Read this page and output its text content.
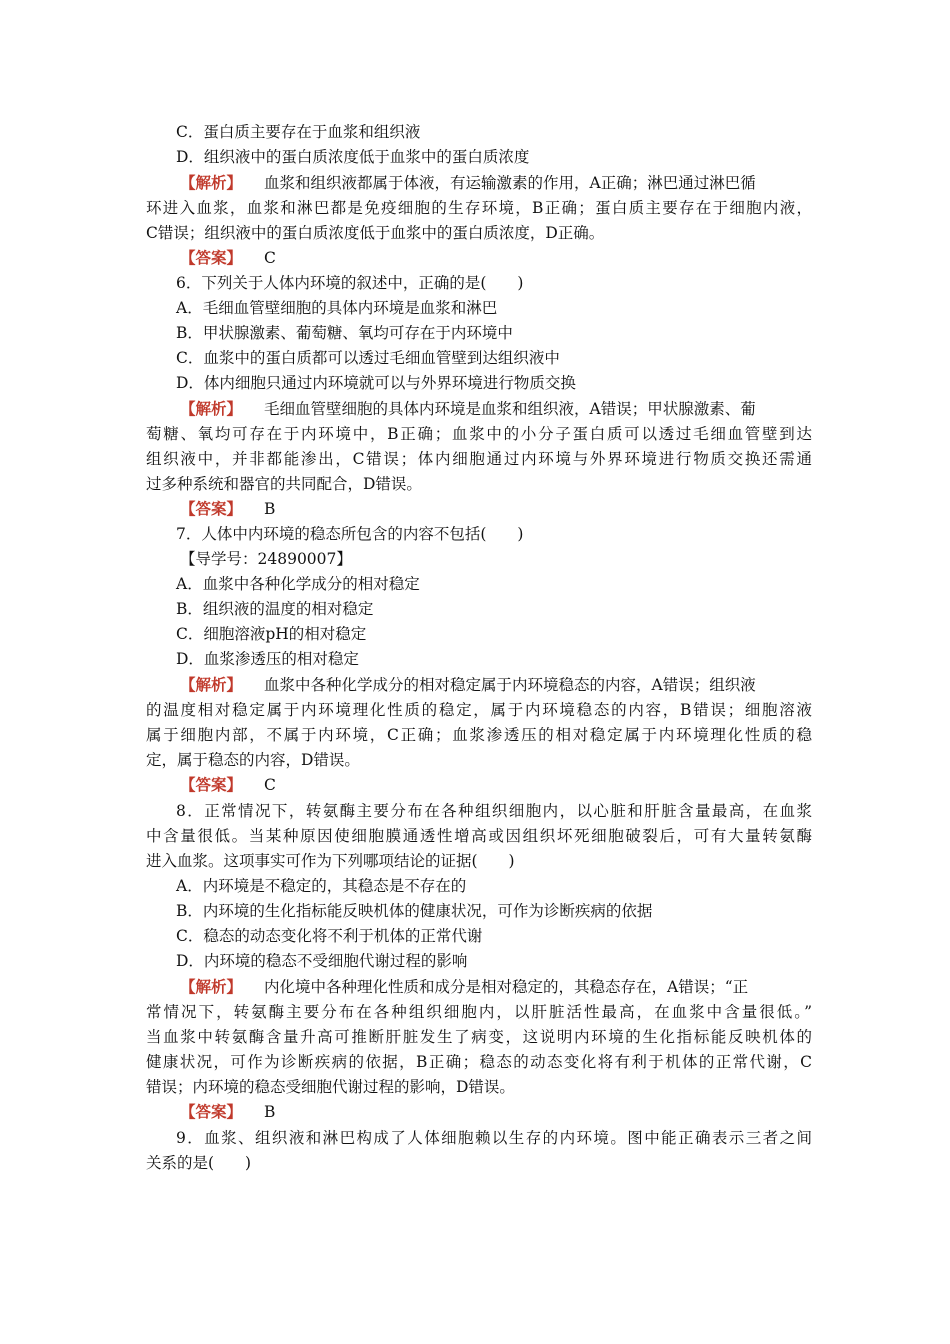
C．蛋白质主要存在于血浆和组织液
D．组织液中的蛋白质浓度低于血浆中的蛋白质浓度
【解析】 血浆和组织液都属于体液，有运输激素的作用，A正确；淋巴通过淋巴循
环进入血浆，血浆和淋巴都是免疫细胞的生存环境，B正确；蛋白质主要存在于细胞内液，
C错误；组织液中的蛋白质浓度低于血浆中的蛋白质浓度，D正确。
【答案】 C
6．下列关于人体内环境的叙述中，正确的是(　　)
A．毛细血管壁细胞的具体内环境是血浆和淋巴
B．甲状腺激素、葡萄糖、氧均可存在于内环境中
C．血浆中的蛋白质都可以透过毛细血管壁到达组织液中
D．体内细胞只通过内环境就可以与外界环境进行物质交换
【解析】 毛细血管壁细胞的具体内环境是血浆和组织液，A错误；甲状腺激素、葡
萄糖、氧均可存在于内环境中，B正确；血浆中的小分子蛋白质可以透过毛细血管壁到达
组织液中，并非都能渗出，C错误；体内细胞通过内环境与外界环境进行物质交换还需通
过多种系统和器官的共同配合，D错误。
【答案】 B
7．人体中内环境的稳态所包含的内容不包括(　　)
【导学号：24890007】
A．血浆中各种化学成分的相对稳定
B．组织液的温度的相对稳定
C．细胞溶液pH的相对稳定
D．血浆渗透压的相对稳定
【解析】 血浆中各种化学成分的相对稳定属于内环境稳态的内容，A错误；组织液
的温度相对稳定属于内环境理化性质的稳定，属于内环境稳态的内容，B错误；细胞溶液
属于细胞内部，不属于内环境，C正确；血浆渗透压的相对稳定属于内环境理化性质的稳
定，属于稳态的内容，D错误。
【答案】 C
8．正常情况下，转氨酶主要分布在各种组织细胞内，以心脏和肝脏含量最高，在血浆
中含量很低。当某种原因使细胞膜通透性增高或因组织坏死细胞破裂后，可有大量转氨酶
进入血浆。这项事实可作为下列哪项结论的证据(　　)
A．内环境是不稳定的，其稳态是不存在的
B．内环境的生化指标能反映机体的健康状况，可作为诊断疾病的依据
C．稳态的动态变化将不利于机体的正常代谢
D．内环境的稳态不受细胞代谢过程的影响
【解析】 内化境中各种理化性质和成分是相对稳定的，其稳态存在，A错误；“正
常情况下，转氨酶主要分布在各种组织细胞内，以肝脏活性最高，在血浆中含量很低。”
当血浆中转氨酶含量升高可推断肝脏发生了病变，这说明内环境的生化指标能反映机体的
健康状况，可作为诊断疾病的依据，B正确；稳态的动态变化将有利于机体的正常代谢，C
错误；内环境的稳态受细胞代谢过程的影响，D错误。
【答案】 B
9．血浆、组织液和淋巴构成了人体细胞赖以生存的内环境。图中能正确表示三者之间
关系的是(　　)
